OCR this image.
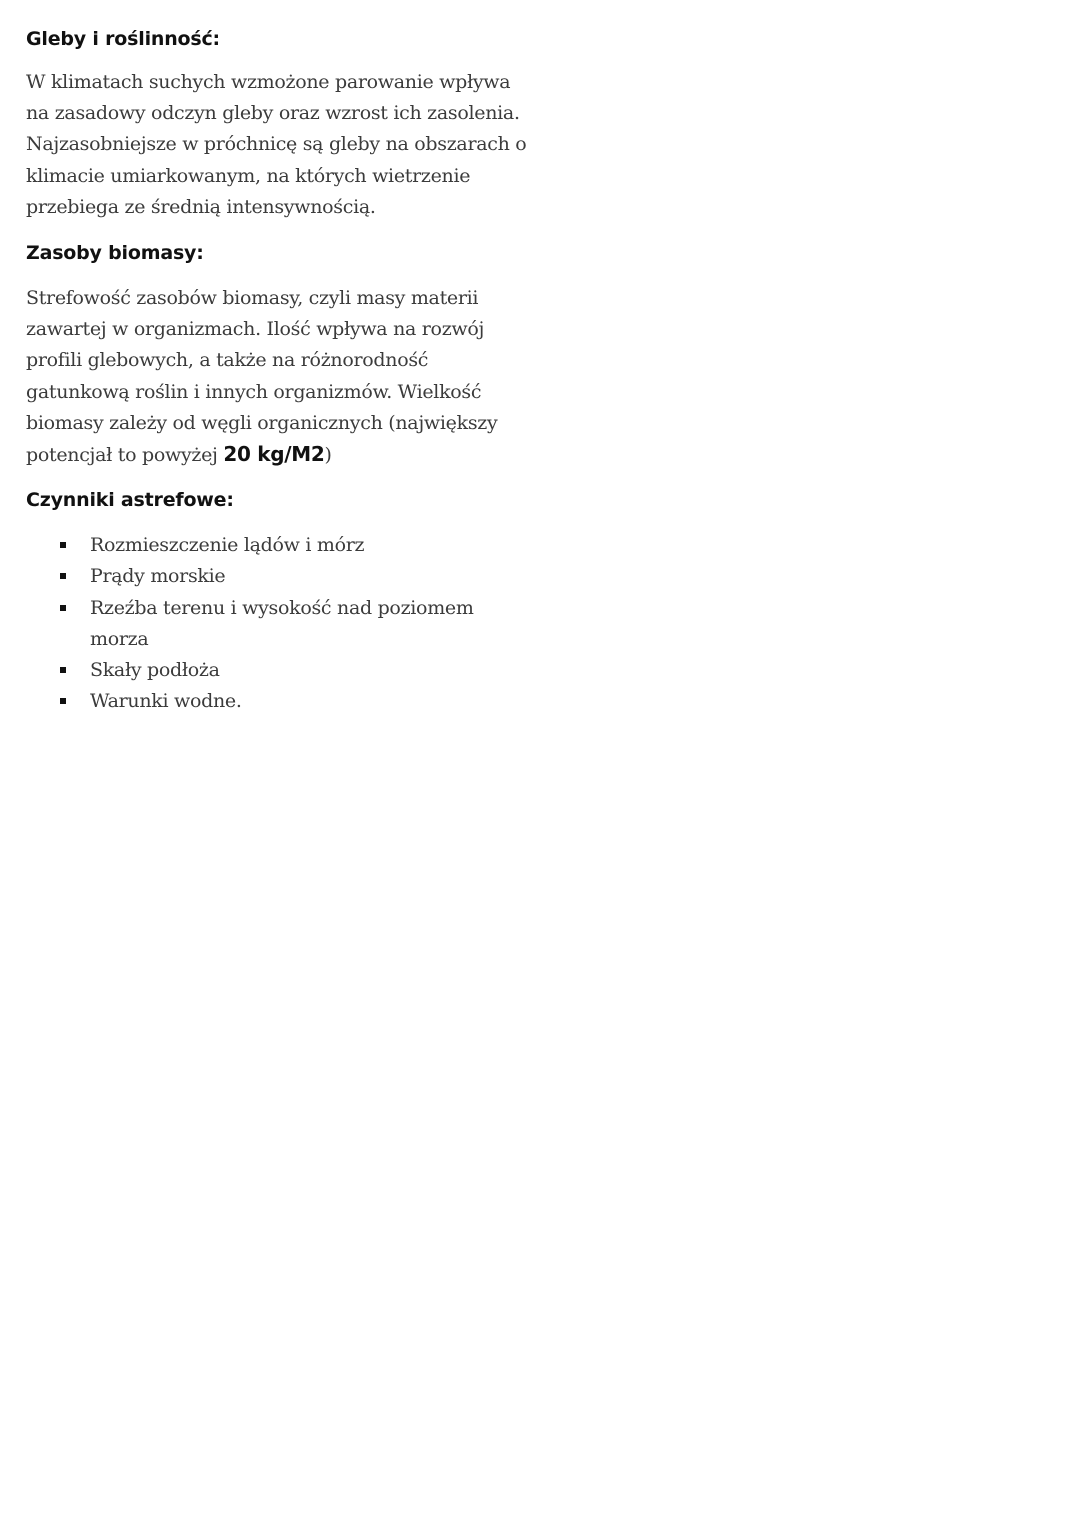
Gleby i roślinność:

W klimatach suchych wzmożone parowanie wpływa
na zasadowy odczyn gleby oraz wzrost ich zasolenia.
Najzasobniejsze w próchnicę są gleby na obszarach o
klimacie umiarkowanym, na których wietrzenie
przebiega ze średnią intensywnością.

Zasoby biomasy:

Strefowość zasobów biomasy, czyli masy materii
zawartej w organizmach. Ilość wpływa na rozwój
profili glebowych, a także na różnorodność
gatunkową roślin i innych organizmów. Wielkość
biomasy zależy od węgli organicznych (największy
potencjał to powyżej 20 kg/M2)

Czynniki astrefowe:
Rozmieszczenie lądów i mórz
Prądy morskie
Rzeźba terenu i wysokość nad poziomem morza
Skały podłoża
Warunki wodne.
